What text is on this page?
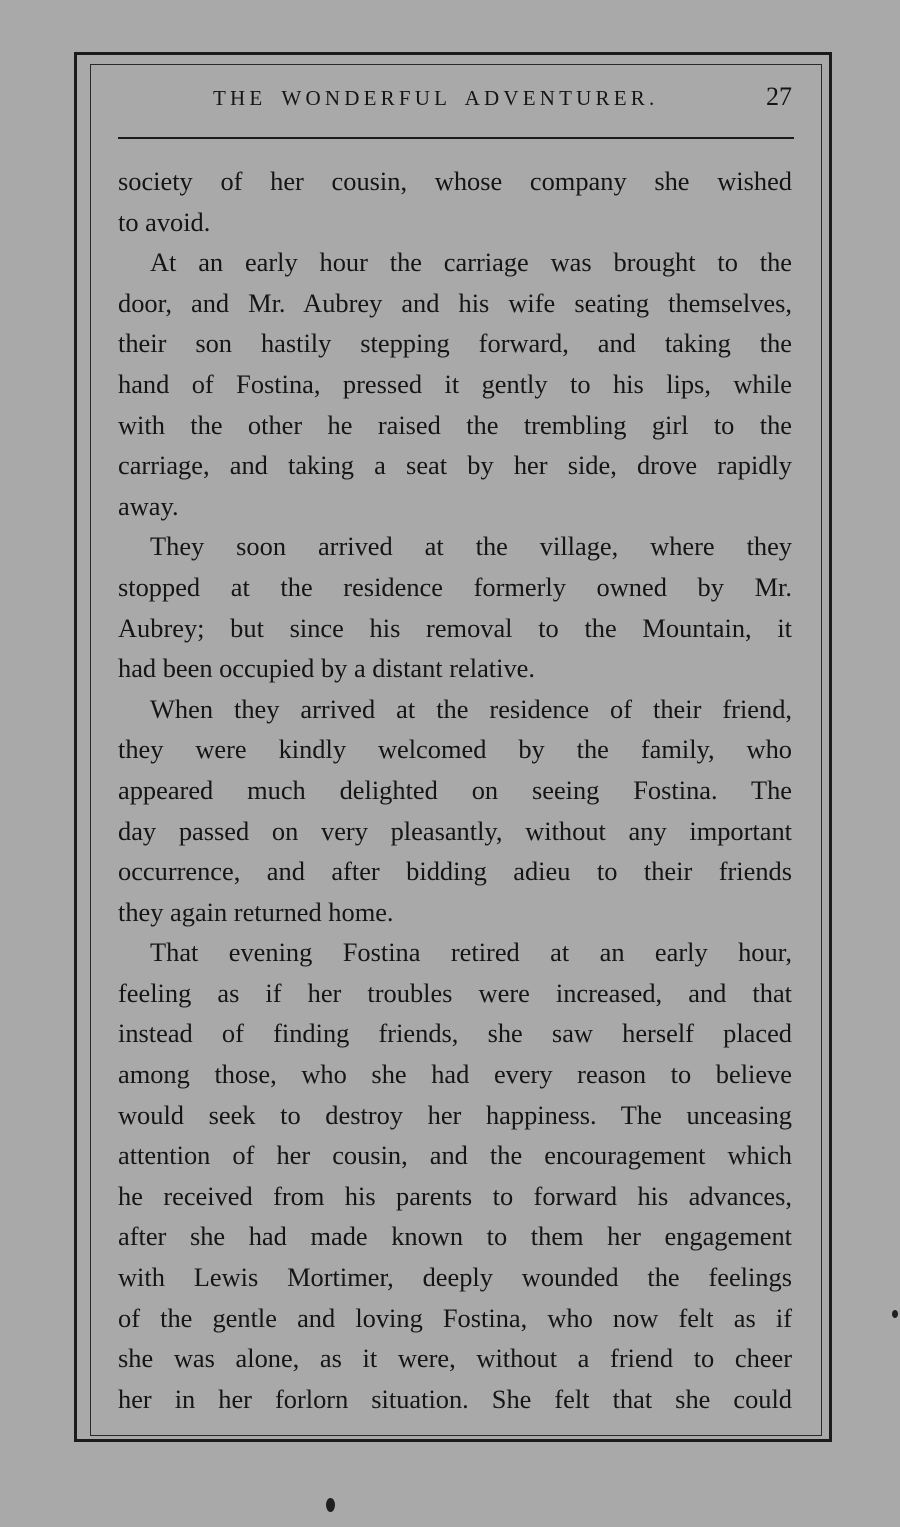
THE WONDERFUL ADVENTURER.	27
society of her cousin, whose company she wished
to avoid.
At an early hour the carriage was brought to the
door, and Mr. Aubrey and his wife seating themselves,
their son hastily stepping forward, and taking the
hand of Fostina, pressed it gently to his lips, while
with the other he raised the trembling girl to the
carriage, and taking a seat by her side, drove rapidly
away.
They soon arrived at the village, where they
stopped at the residence formerly owned by Mr.
Aubrey; but since his removal to the Mountain, it
had been occupied by a distant relative.
When they arrived at the residence of their friend,
they were kindly welcomed by the family, who
appeared much delighted on seeing Fostina. The
day passed on very pleasantly, without any important
occurrence, and after bidding adieu to their friends
they again returned home.
That evening Fostina retired at an early hour,
feeling as if her troubles were increased, and that
instead of finding friends, she saw herself placed
among those, who she had every reason to believe
would seek to destroy her happiness. The unceasing
attention of her cousin, and the encouragement which
he received from his parents to forward his advances,
after she had made known to them her engagement
with Lewis Mortimer, deeply wounded the feelings
of the gentle and loving Fostina, who now felt as if
she was alone, as it were, without a friend to cheer
her in her forlorn situation. She felt that she could
